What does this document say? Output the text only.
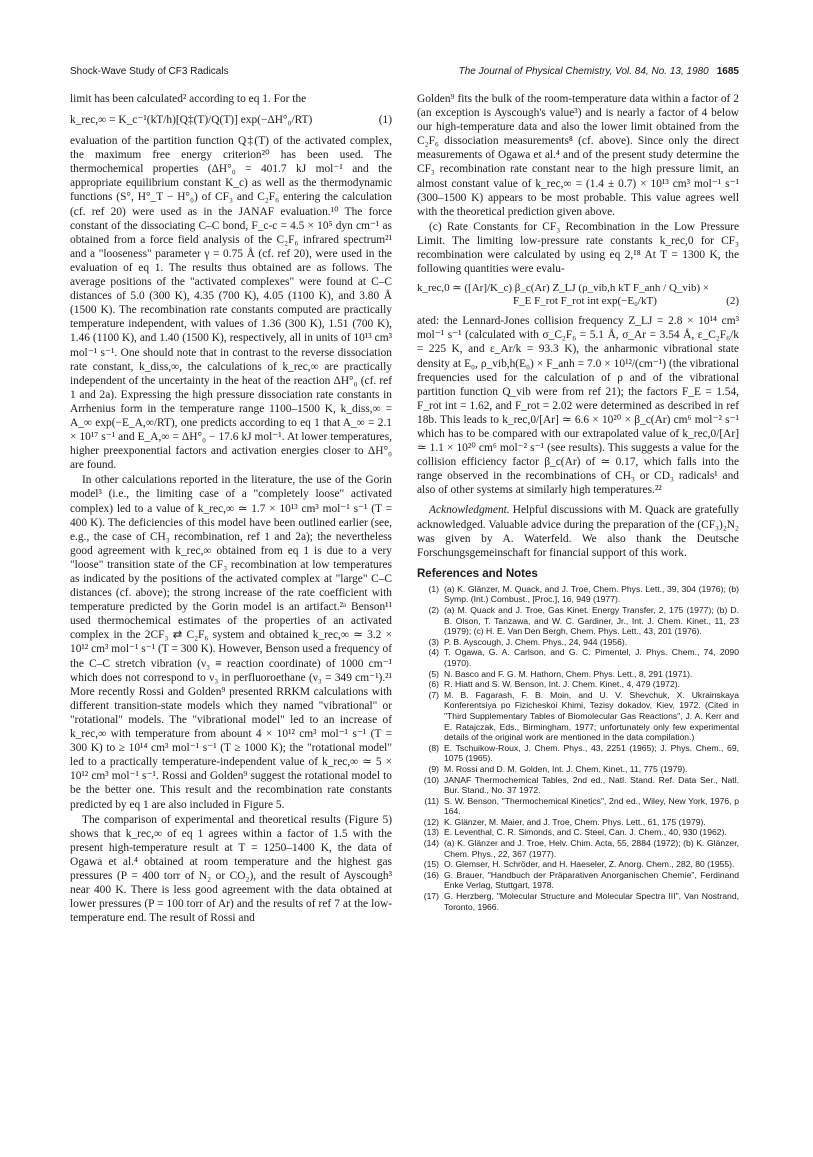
Shock-Wave Study of CF3 Radicals	The Journal of Physical Chemistry, Vol. 84, No. 13, 1980 1685

limit has been calculated² according to eq 1. For the

k_rec,∞ = K_c⁻¹(kT/h)[Q‡(T)/Q(T)] exp(−ΔH°₀/RT)	(1)

evaluation of the partition function Q‡(T) of the activated complex, the maximum free energy criterion²⁰ has been used. The thermochemical properties (ΔH°₀ = 401.7 kJ mol⁻¹ and the appropriate equilibrium constant K_c) as well as the thermodynamic functions (S°, H°_T − H°₀) of CF₃ and C₂F₆ entering the calculation (cf. ref 20) were used as in the JANAF evaluation.¹⁰ The force constant of the dissociating C–C bond, F_c-c = 4.5 × 10⁵ dyn cm⁻¹ as obtained from a force field analysis of the C₂F₆ infrared spectrum²¹ and a "looseness" parameter γ = 0.75 Å (cf. ref 20), were used in the evaluation of eq 1. The results thus obtained are as follows. The average positions of the "activated complexes" were found at C–C distances of 5.0 (300 K), 4.35 (700 K), 4.05 (1100 K), and 3.80 Å (1500 K). The recombination rate constants computed are practically temperature independent, with values of 1.36 (300 K), 1.51 (700 K), 1.46 (1100 K), and 1.40 (1500 K), respectively, all in units of 10¹³ cm³ mol⁻¹ s⁻¹. One should note that in contrast to the reverse dissociation rate constant, k_diss,∞, the calculations of k_rec,∞ are practically independent of the uncertainty in the heat of the reaction ΔH°₀ (cf. ref 1 and 2a). Expressing the high pressure dissociation rate constants in Arrhenius form in the temperature range 1100–1500 K, k_diss,∞ = A_∞ exp(−E_A,∞/RT), one predicts according to eq 1 that A_∞ = 2.1 × 10¹⁷ s⁻¹ and E_A,∞ = ΔH°₀ − 17.6 kJ mol⁻¹. At lower temperatures, higher preexponential factors and activation energies closer to ΔH°₀ are found.

In other calculations reported in the literature, the use of the Gorin model³ (i.e., the limiting case of a "completely loose" activated complex) led to a value of k_rec,∞ ≃ 1.7 × 10¹³ cm³ mol⁻¹ s⁻¹ (T = 400 K). The deficiencies of this model have been outlined earlier (see, e.g., the case of CH₃ recombination, ref 1 and 2a); the nevertheless good agreement with k_rec,∞ obtained from eq 1 is due to a very "loose" transition state of the CF₃ recombination at low temperatures as indicated by the positions of the activated complex at "large" C–C distances (cf. above); the strong increase of the rate coefficient with temperature predicted by the Gorin model is an artifact.²ᵃ Benson¹¹ used thermochemical estimates of the properties of an activated complex in the 2CF₃ ⇄ C₂F₆ system and obtained k_rec,∞ ≃ 3.2 × 10¹² cm³ mol⁻¹ s⁻¹ (T = 300 K). However, Benson used a frequency of the C–C stretch vibration (ν₃ ≡ reaction coordinate) of 1000 cm⁻¹ which does not correspond to ν₃ in perfluoroethane (ν₃ = 349 cm⁻¹).²¹ More recently Rossi and Golden⁹ presented RRKM calculations with different transition-state models which they named "vibrational" or "rotational" models. The "vibrational model" led to an increase of k_rec,∞ with temperature from abount 4 × 10¹² cm³ mol⁻¹ s⁻¹ (T = 300 K) to ≥ 10¹⁴ cm³ mol⁻¹ s⁻¹ (T ≥ 1000 K); the "rotational model" led to a practically temperature-independent value of k_rec,∞ ≃ 5 × 10¹² cm³ mol⁻¹ s⁻¹. Rossi and Golden⁹ suggest the rotational model to be the better one. This result and the recombination rate constants predicted by eq 1 are also included in Figure 5.

The comparison of experimental and theoretical results (Figure 5) shows that k_rec,∞ of eq 1 agrees within a factor of 1.5 with the present high-temperature result at T = 1250–1400 K, the data of Ogawa et al.⁴ obtained at room temperature and the highest gas pressures (P = 400 torr of N₂ or CO₂), and the result of Ayscough³ near 400 K. There is less good agreement with the data obtained at lower pressures (P = 100 torr of Ar) and the results of ref 7 at the low-temperature end. The result of Rossi and

Golden⁹ fits the bulk of the room-temperature data within a factor of 2 (an exception is Ayscough's value³) and is nearly a factor of 4 below our high-temperature data and also the lower limit obtained from the C₂F₆ dissociation measurements⁸ (cf. above). Since only the direct measurements of Ogawa et al.⁴ and of the present study determine the CF₃ recombination rate constant near to the high pressure limit, an almost constant value of k_rec,∞ = (1.4 ± 0.7) × 10¹³ cm³ mol⁻¹ s⁻¹ (300–1500 K) appears to be most probable. This value agrees well with the theoretical prediction given above.

(c) Rate Constants for CF₃ Recombination in the Low Pressure Limit. The limiting low-pressure rate constants k_rec,0 for CF₃ recombination were calculated by using eq 2,¹⁸ At T = 1300 K, the following quantities were evalu-

k_rec,0 ≃ ([Ar]/K_c) β_c(Ar) Z_LJ (ρ_vib,h kT F_anh / Q_vib) ×
F_E F_rot F_rot int exp(−E₀/kT)	(2)

ated: the Lennard-Jones collision frequency Z_LJ = 2.8 × 10¹⁴ cm³ mol⁻¹ s⁻¹ (calculated with σ_C₂F₆ = 5.1 Å, σ_Ar = 3.54 Å, ε_C₂F₆/k = 225 K, and ε_Ar/k = 93.3 K), the anharmonic vibrational state density at E₀, ρ_vib,h(E₀) × F_anh = 7.0 × 10¹²/(cm⁻¹) (the vibrational frequencies used for the calculation of ρ and of the vibrational partition function Q_vib were from ref 21); the factors F_E = 1.54, F_rot int = 1.62, and F_rot = 2.02 were determined as described in ref 18b. This leads to k_rec,0/[Ar] ≃ 6.6 × 10²⁰ × β_c(Ar) cm⁶ mol⁻² s⁻¹ which has to be compared with our extrapolated value of k_rec,0/[Ar] ≃ 1.1 × 10²⁰ cm⁶ mol⁻² s⁻¹ (see results). This suggests a value for the collision efficiency factor β_c(Ar) of ≃ 0.17, which falls into the range observed in the recombinations of CH₃ or CD₃ radicals¹ and also of other systems at similarly high temperatures.²²

Acknowledgment. Helpful discussions with M. Quack are gratefully acknowledged. Valuable advice during the preparation of the (CF₃)₂N₂ was given by A. Waterfeld. We also thank the Deutsche Forschungsgemeinschaft for financial support of this work.

References and Notes
(1) (a) K. Glänzer, M. Quack, and J. Troe, Chem. Phys. Lett., 39, 304 (1976); (b) Symp. (Int.) Combust., [Proc.], 16, 949 (1977).
(2) (a) M. Quack and J. Troe, Gas Kinet. Energy Transfer, 2, 175 (1977); (b) D. B. Olson, T. Tanzawa, and W. C. Gardiner, Jr., Int. J. Chem. Kinet., 11, 23 (1979); (c) H. E. Van Den Bergh, Chem. Phys. Lett., 43, 201 (1976).
(3) P. B. Ayscough, J. Chem. Phys., 24, 944 (1956).
(4) T. Ogawa, G. A. Carlson, and G. C. Pimentel, J. Phys. Chem., 74, 2090 (1970).
(5) N. Basco and F. G. M. Hathorn, Chem. Phys. Lett., 8, 291 (1971).
(6) R. Hiatt and S. W. Benson, Int. J. Chem. Kinet., 4, 479 (1972).
(7) M. B. Fagarash, F. B. Moin, and U. V. Shevchuk, X. Ukrainskaya Konferentsiya po Fizicheskoi Khimi, Tezisy dokadov, Kiev, 1972. (Cited in "Third Supplementary Tables of Biomolecular Gas Reactions", J. A. Kerr and E. Ratajczak, Eds., Birmingham, 1977; unfortunately only few experimental details of the original work are mentioned in the data compilation.)
(8) E. Tschuikow-Roux, J. Chem. Phys., 43, 2251 (1965); J. Phys. Chem., 69, 1075 (1965).
(9) M. Rossi and D. M. Golden, Int. J. Chem. Kinet., 11, 775 (1979).
(10) JANAF Thermochemical Tables, 2nd ed., Natl. Stand. Ref. Data Ser., Natl. Bur. Stand., No. 37 1972.
(11) S. W. Benson, "Thermochemical Kinetics", 2nd ed., Wiley, New York, 1976, p 164.
(12) K. Glänzer, M. Maier, and J. Troe, Chem. Phys. Lett., 61, 175 (1979).
(13) E. Leventhal, C. R. Simonds, and C. Steel, Can. J. Chem., 40, 930 (1962).
(14) (a) K. Glänzer and J. Troe, Helv. Chim. Acta, 55, 2884 (1972); (b) K. Glänzer, Chem. Phys., 22, 367 (1977).
(15) O. Glemser, H. Schröder, and H. Haeseler, Z. Anorg. Chem., 282, 80 (1955).
(16) G. Brauer, "Handbuch der Präparativen Anorganischen Chemie", Ferdinand Enke Verlag, Stuttgart, 1978.
(17) G. Herzberg, "Molecular Structure and Molecular Spectra III", Van Nostrand, Toronto, 1966.
